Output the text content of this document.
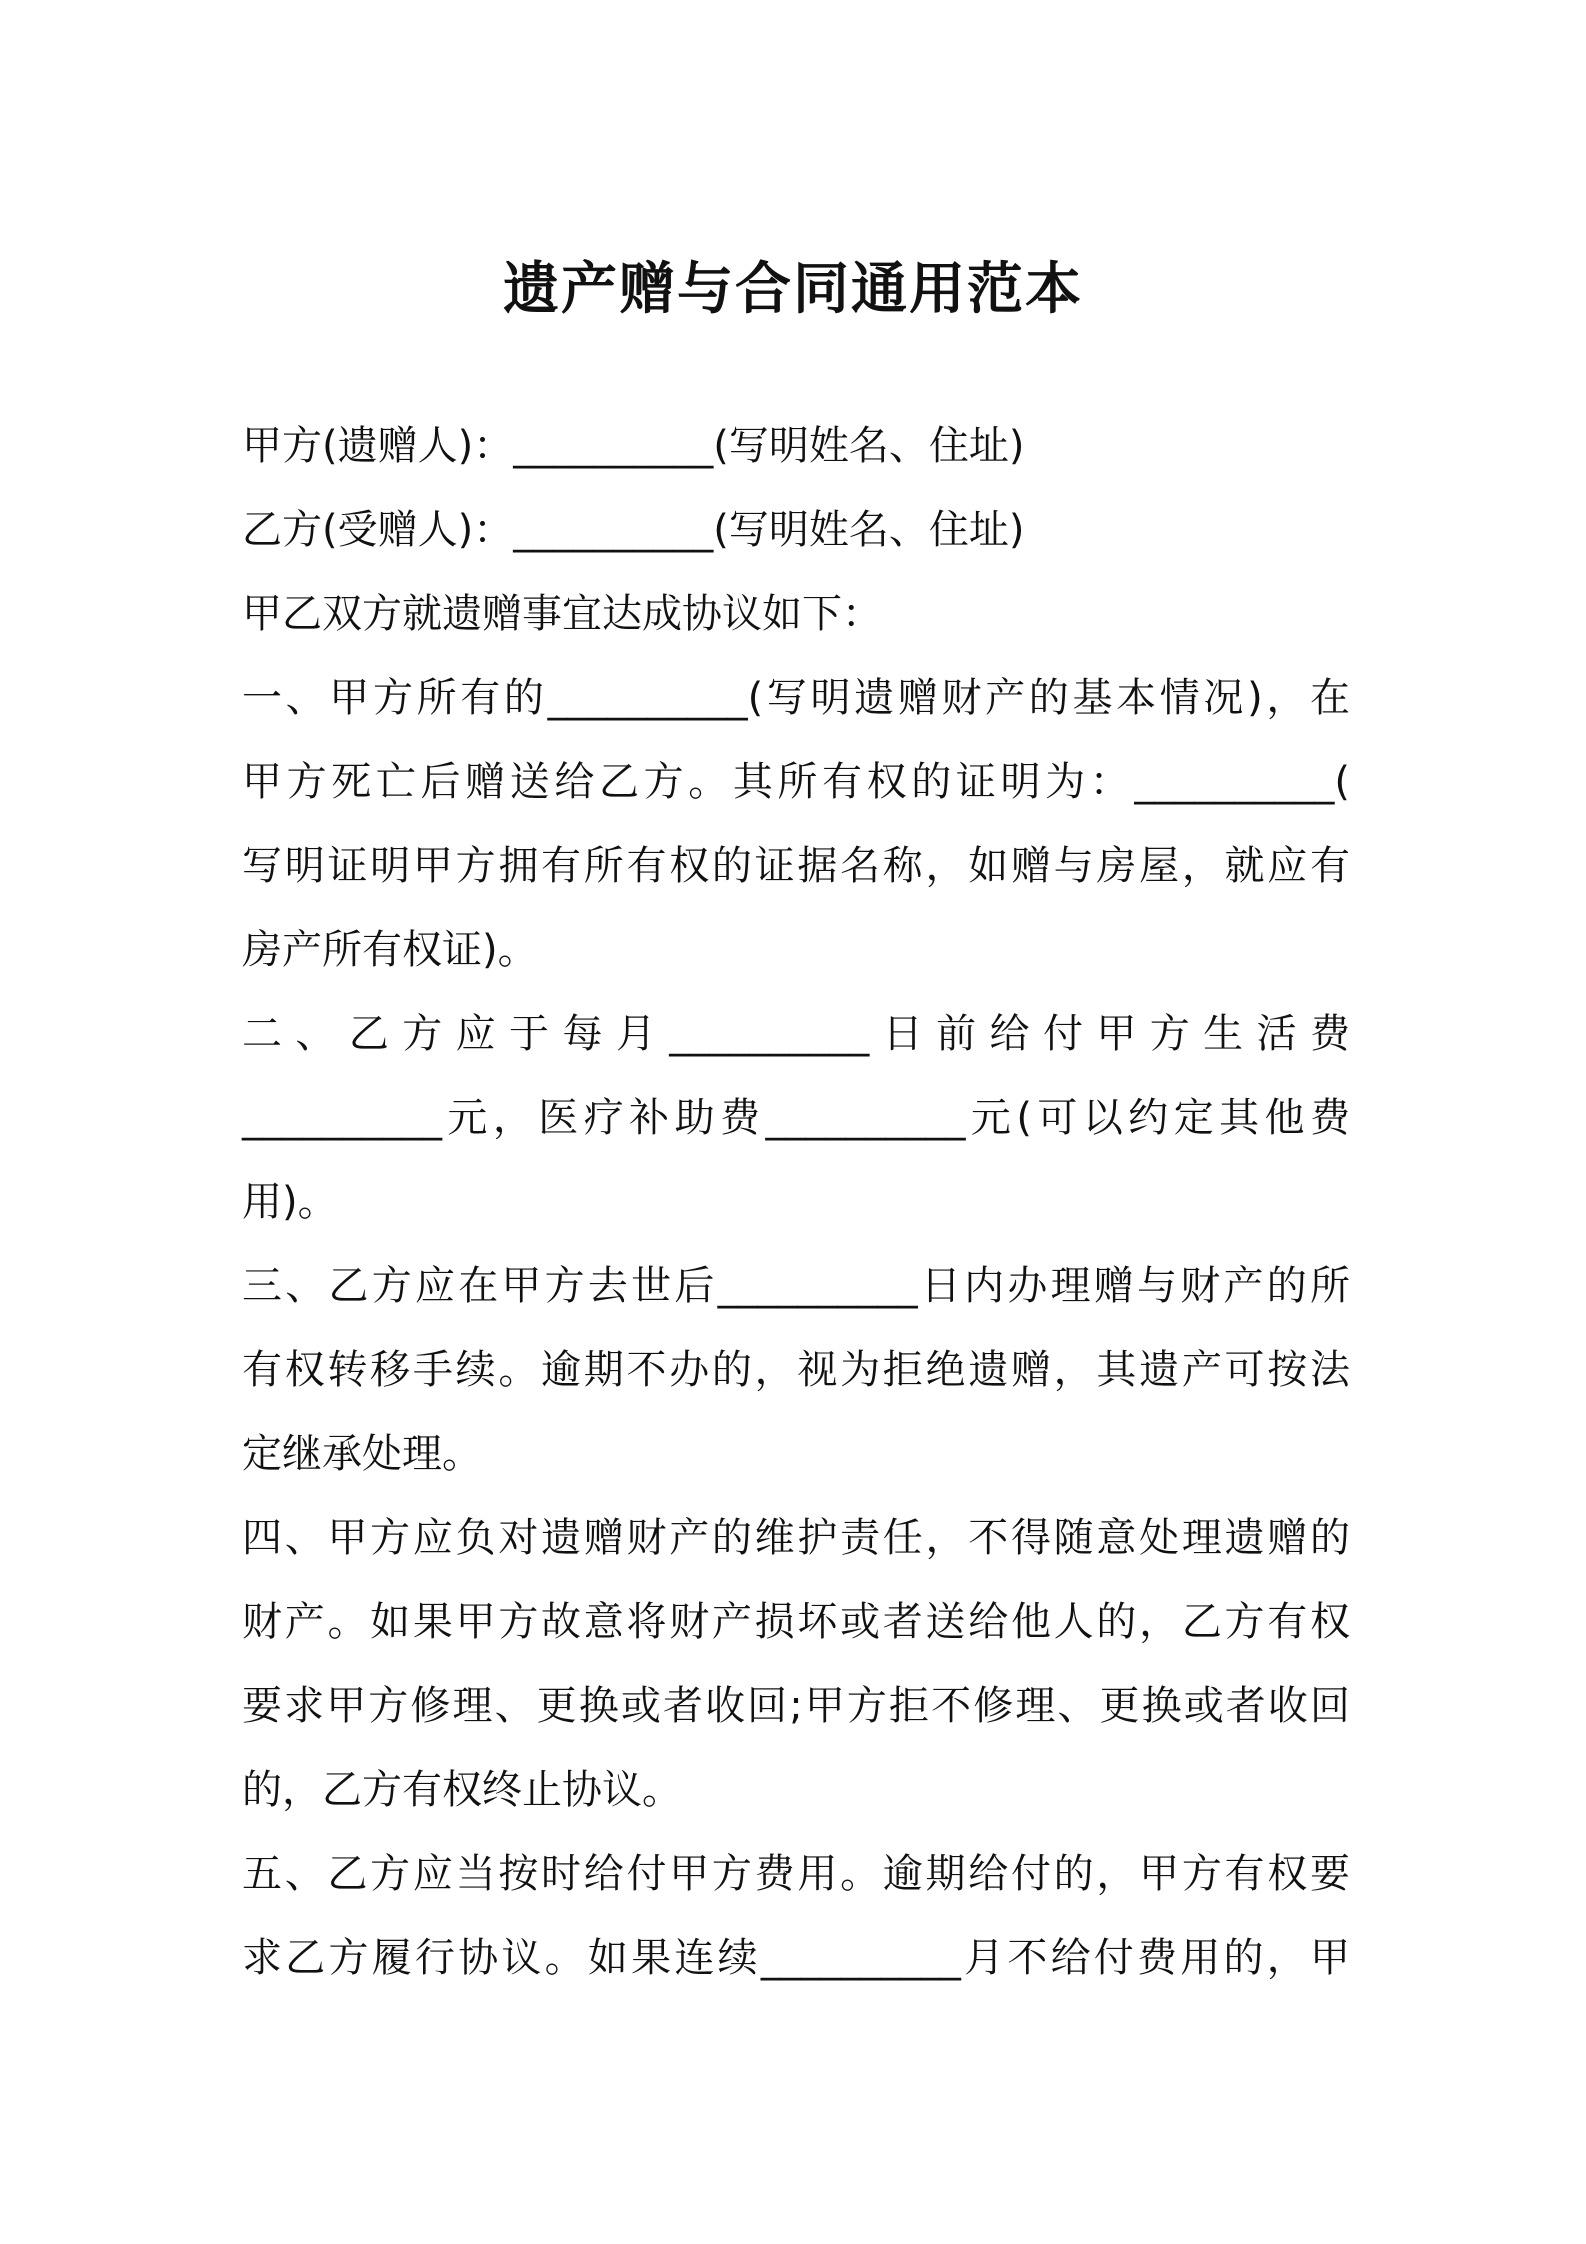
遗产赠与合同通用范本
甲方(遗赠人)：__________(写明姓名、住址)
乙方(受赠人)：__________(写明姓名、住址)
甲乙双方就遗赠事宜达成协议如下：
一、甲方所有的__________(写明遗赠财产的基本情况)，在
甲方死亡后赠送给乙方。其所有权的证明为：__________(
写明证明甲方拥有所有权的证据名称，如赠与房屋，就应有
房产所有权证)。
二、乙方应于每月__________日前给付甲方生活费
__________元，医疗补助费__________元(可以约定其他费
用)。
三、乙方应在甲方去世后__________日内办理赠与财产的所
有权转移手续。逾期不办的，视为拒绝遗赠，其遗产可按法
定继承处理。
四、甲方应负对遗赠财产的维护责任，不得随意处理遗赠的
财产。如果甲方故意将财产损坏或者送给他人的，乙方有权
要求甲方修理、更换或者收回;甲方拒不修理、更换或者收回
的，乙方有权终止协议。
五、乙方应当按时给付甲方费用。逾期给付的，甲方有权要
求乙方履行协议。如果连续__________月不给付费用的，甲
